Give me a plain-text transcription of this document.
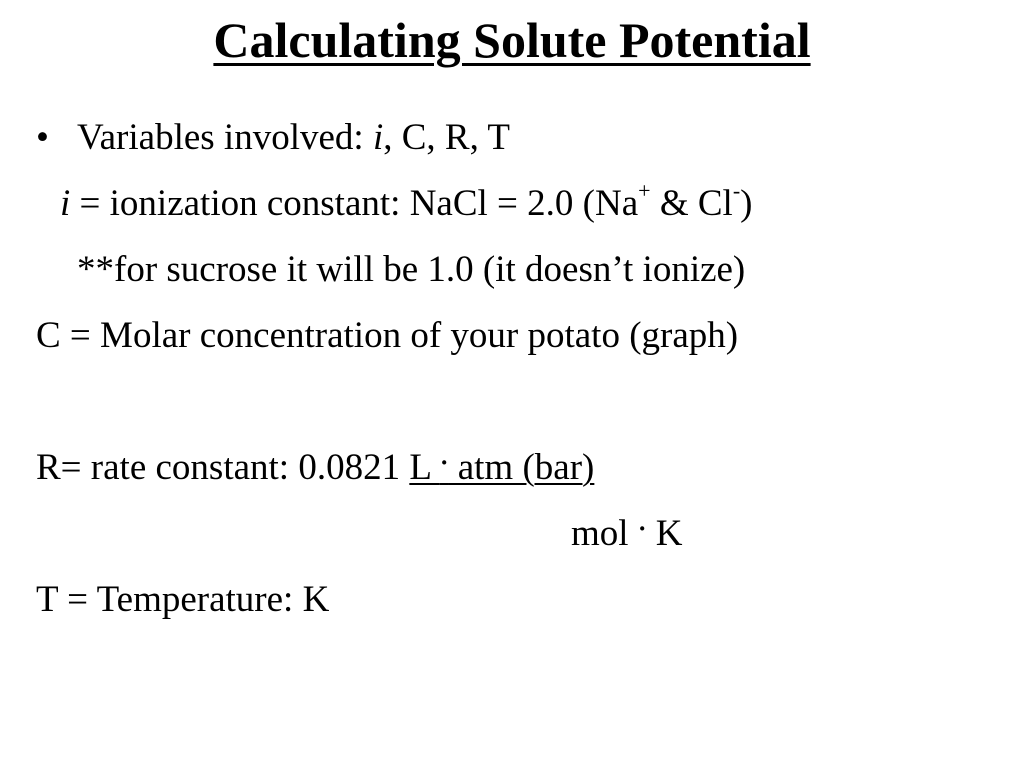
Calculating Solute Potential
• Variables involved: i, C, R, T
i = ionization constant: NaCl = 2.0 (Na+ & Cl-)
**for sucrose it will be 1.0 (it doesn’t ionize)
C = Molar concentration of your potato (graph)
R= rate constant: 0.0821 L · atm (bar)
mol · K
T = Temperature: K
